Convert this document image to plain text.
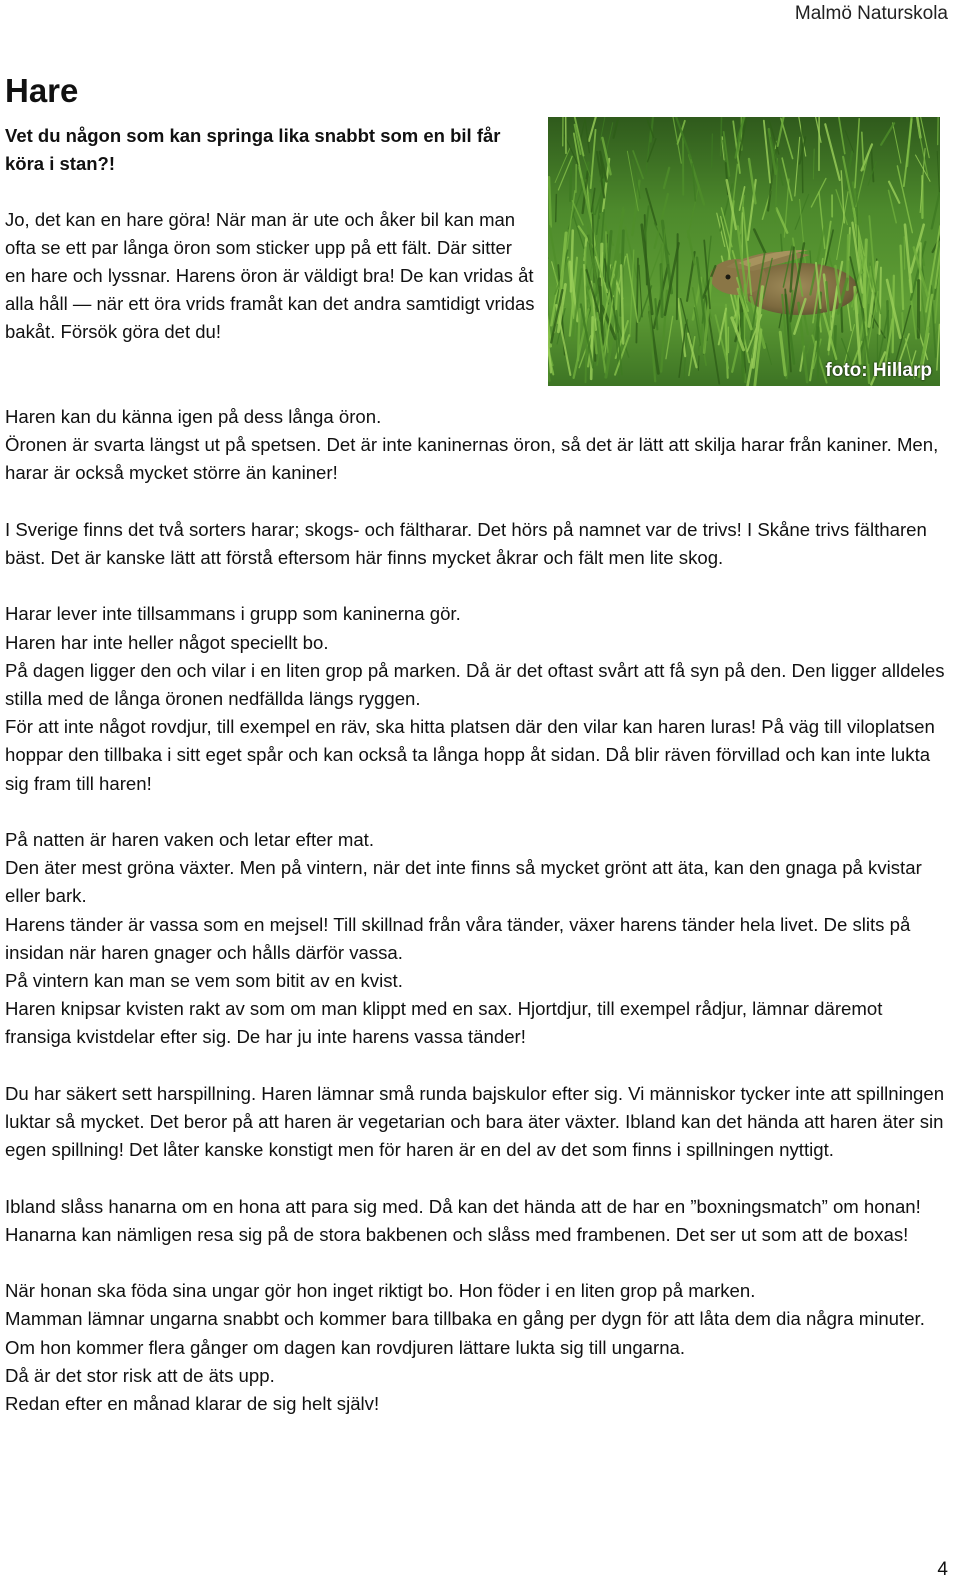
Malmö Naturskola
Hare

Vet du någon som kan springa lika snabbt som en bil får köra i stan?!

Jo, det kan en hare göra! När man är ute och åker bil kan man ofta se ett par långa öron som sticker upp på ett fält. Där sitter en hare och lyssnar. Harens öron är väldigt bra! De kan vridas åt alla håll — när ett öra vrids framåt kan det andra samtidigt vridas bakåt. Försök göra det du!

foto: Hillarp

Haren kan du känna igen på dess långa öron.

Öronen är svarta längst ut på spetsen. Det är inte kaninernas öron, så det är lätt att skilja harar från kaniner. Men, harar är också mycket större än kaniner!

I Sverige finns det två sorters harar; skogs- och fältharar. Det hörs på namnet var de trivs! I Skåne trivs fältharen bäst. Det är kanske lätt att förstå eftersom här finns mycket åkrar och fält men lite skog.

Harar lever inte tillsammans i grupp som kaninerna gör.

Haren har inte heller något speciellt bo.

På dagen ligger den och vilar i en liten grop på marken. Då är det oftast svårt att få syn på den. Den ligger alldeles stilla med de långa öronen nedfällda längs ryggen.

För att inte något rovdjur, till exempel en räv, ska hitta platsen där den vilar kan haren luras! På väg till viloplatsen hoppar den tillbaka i sitt eget spår och kan också ta långa hopp åt sidan. Då blir räven förvillad och kan inte lukta sig fram till haren!

På natten är haren vaken och letar efter mat.

Den äter mest gröna växter. Men på vintern, när det inte finns så mycket grönt att äta, kan den gnaga på kvistar eller bark.

Harens tänder är vassa som en mejsel! Till skillnad från våra tänder, växer harens tänder hela livet. De slits på insidan när haren gnager och hålls därför vassa.

På vintern kan man se vem som bitit av en kvist.

Haren knipsar kvisten rakt av som om man klippt med en sax. Hjortdjur, till exempel rådjur, lämnar däremot fransiga kvistdelar efter sig. De har ju inte harens vassa tänder!

Du har säkert sett harspillning. Haren lämnar små runda bajskulor efter sig. Vi människor tycker inte att spillningen luktar så mycket. Det beror på att haren är vegetarian och bara äter växter. Ibland kan det hända att haren äter sin egen spillning! Det låter kanske konstigt men för haren är en del av det som finns i spillningen nyttigt.

Ibland slåss hanarna om en hona att para sig med. Då kan det hända att de har en ”boxningsmatch” om honan! Hanarna kan nämligen resa sig på de stora bakbenen och slåss med frambenen. Det ser ut som att de boxas!

När honan ska föda sina ungar gör hon inget riktigt bo. Hon föder i en liten grop på marken.

Mamman lämnar ungarna snabbt och kommer bara tillbaka en gång per dygn för att låta dem dia några minuter. Om hon kommer flera gånger om dagen kan rovdjuren lättare lukta sig till ungarna.

Då är det stor risk att de äts upp.

Redan efter en månad klarar de sig helt själv!

4
